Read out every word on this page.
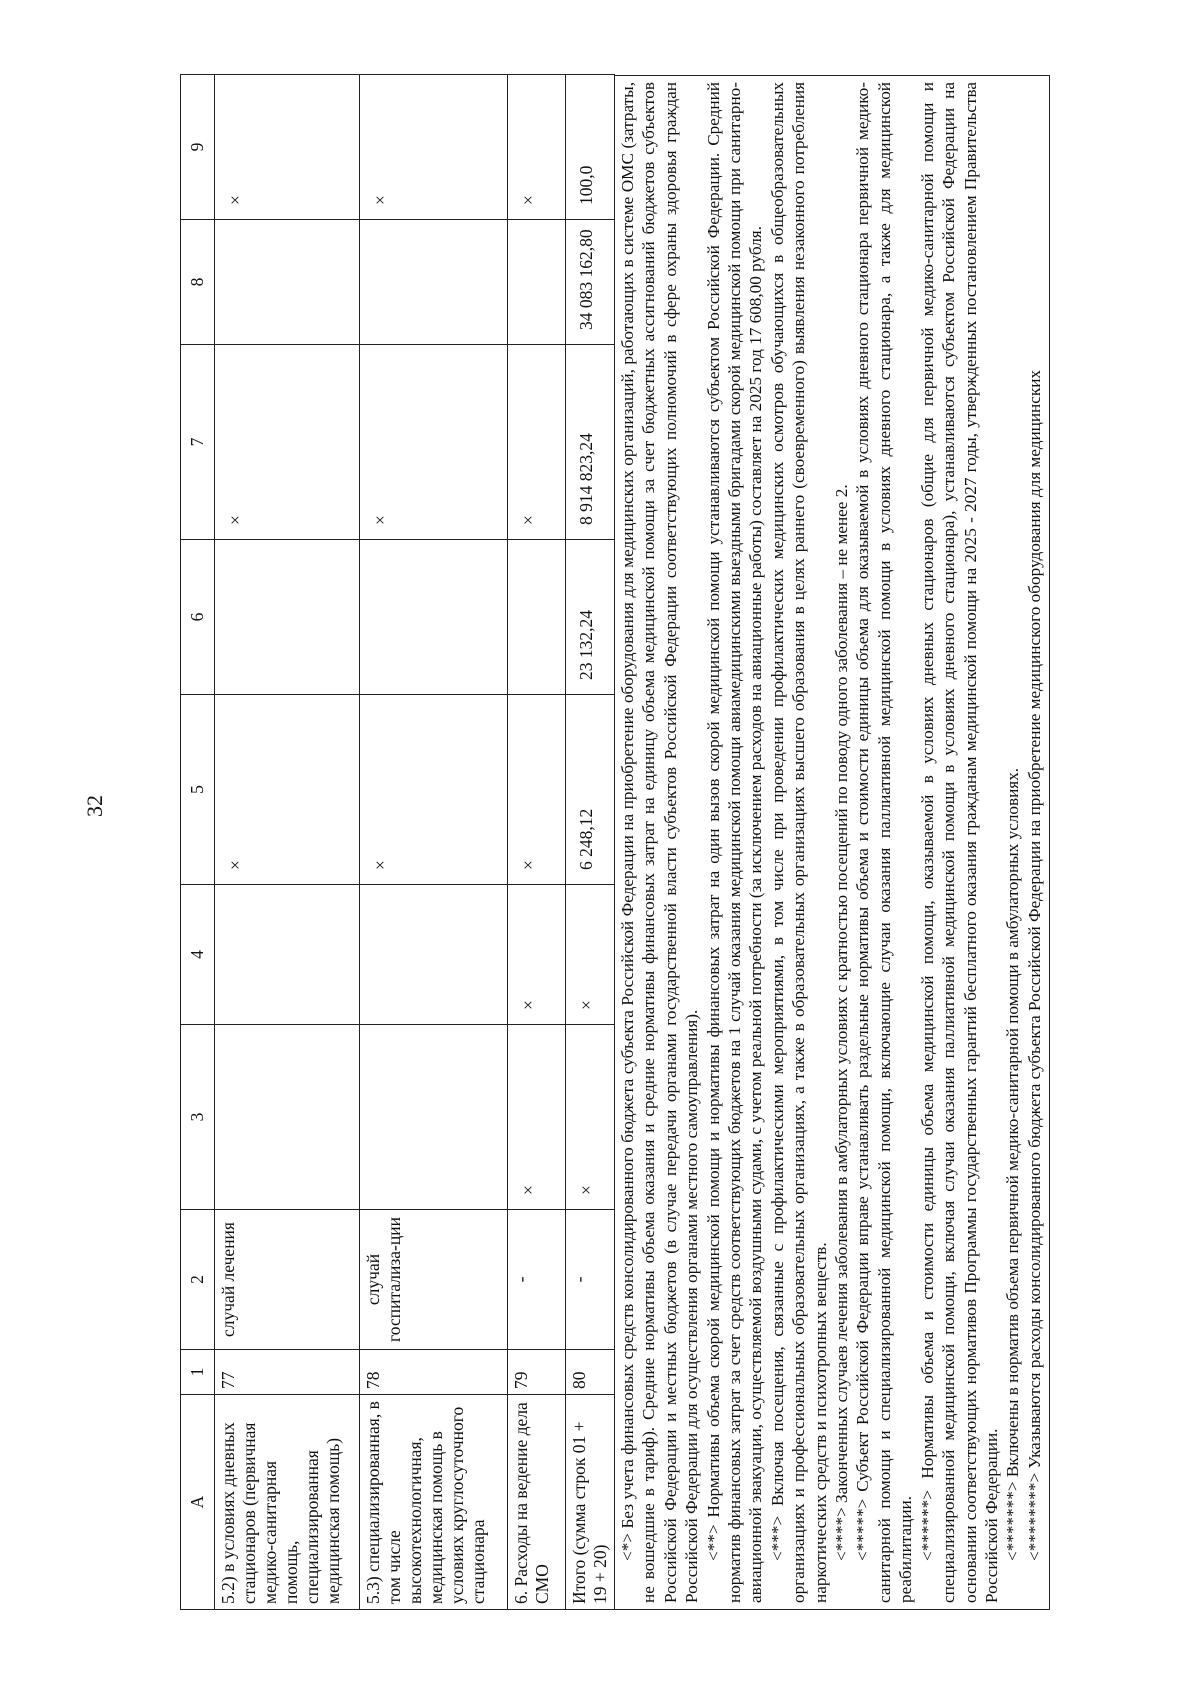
32
А	1	2	3	4	5	6	7	8	9
5.2) в условиях дневных стационаров (первичная медико-санитарная помощь, специализированная медицинская помощь)	77	случай лечения			×		×		×
5.3) специализированная, в том числе высокотехнологичная, медицинская помощь в условиях круглосуточного стационара	78	случай госпитализа-ции			×		×		×
6. Расходы на ведение дела СМО	79	-	×	×	×		×		×
Итого (сумма строк 01 + 19 + 20)	80	-	×	×	6 248,12	23 132,24	8 914 823,24	34 083 162,80	100,0 <*> Без учета финансовых средств консолидированного бюджета субъекта Российской Федерации на приобретение оборудования для медицинских организаций, работающих в системе ОМС (затраты, не вошедшие в тариф). Средние нормативы объема оказания и средние нормативы финансовых затрат на единицу объема медицинской помощи за счет бюджетных ассигнований бюджетов субъектов Российской Федерации и местных бюджетов (в случае передачи органами государственной власти субъектов Российской Федерации соответствующих полномочий в сфере охраны здоровья граждан Российской Федерации для осуществления органами местного самоуправления). <**> Нормативы объема скорой медицинской помощи и нормативы финансовых затрат на один вызов скорой медицинской помощи устанавливаются субъектом Российской Федерации. Средний норматив финансовых затрат за счет средств соответствующих бюджетов на 1 случай оказания медицинской помощи авиамедицинскими выездными бригадами скорой медицинской помощи при санитарно-авиационной эвакуации, осуществляемой воздушными судами, с учетом реальной потребности (за исключением расходов на авиационные работы) составляет на 2025 год 17 608,00 рубля. <***> Включая посещения, связанные с профилактическими мероприятиями, в том числе при проведении профилактических медицинских осмотров обучающихся в общеобразовательных организациях и профессиональных образовательных организациях, а также в образовательных организациях высшего образования в целях раннего (своевременного) выявления незаконного потребления наркотических средств и психотропных веществ. <****> Законченных случаев лечения заболевания в амбулаторных условиях с кратностью посещений по поводу одного заболевания – не менее 2. <*****> Субъект Российской Федерации вправе устанавливать раздельные нормативы объема и стоимости единицы объема для оказываемой в условиях дневного стационара первичной медико-санитарной помощи и специализированной медицинской помощи, включающие случаи оказания паллиативной медицинской помощи в условиях дневного стационара, а также для медицинской реабилитации. <******> Нормативы объема и стоимости единицы объема медицинской помощи, оказываемой в условиях дневных стационаров (общие для первичной медико-санитарной помощи и специализированной медицинской помощи, включая случаи оказания паллиативной медицинской помощи в условиях дневного стационара), устанавливаются субъектом Российской Федерации на основании соответствующих нормативов Программы государственных гарантий бесплатного оказания гражданам медицинской помощи на 2025 - 2027 годы, утвержденных постановлением Правительства Российской Федерации. <*******> Включены в норматив объема первичной медико-санитарной помощи в амбулаторных условиях. <********> Указываются расходы консолидированного бюджета субъекта Российской Федерации на приобретение медицинского оборудования для медицинских
